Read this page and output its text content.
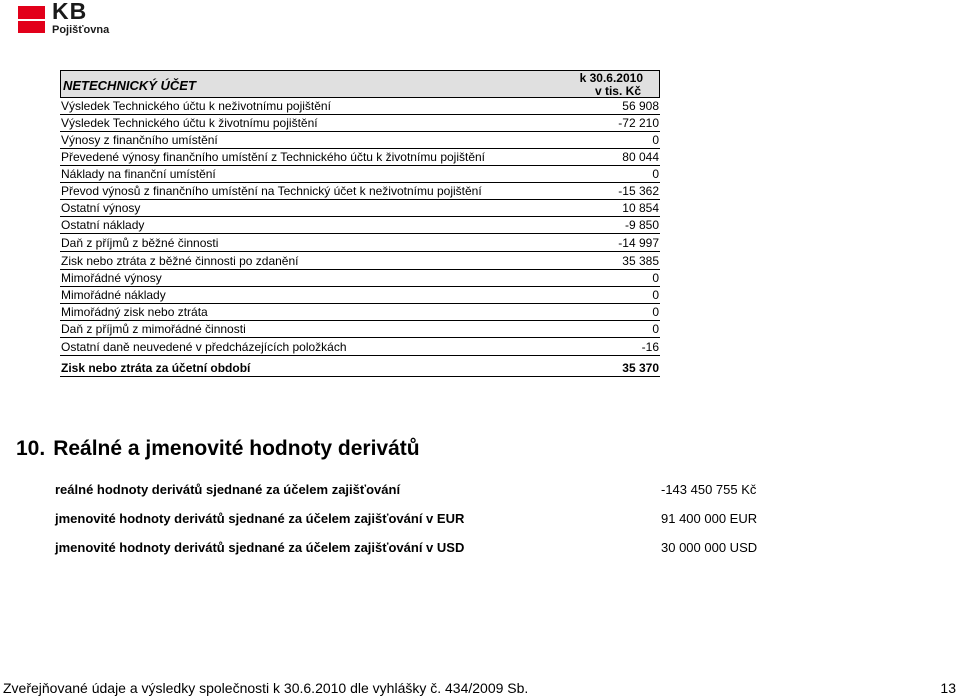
KB
Pojišťovna
NETECHNICKÝ ÚČET	k 30.6.2010
v tis. Kč
Výsledek Technického účtu k neživotnímu pojištění	56 908
Výsledek Technického účtu k životnímu pojištění	-72 210
Výnosy z finančního umístění	0
Převedené výnosy finančního umístění z Technického účtu k životnímu pojištění	80 044
Náklady na finanční umístění	0
Převod výnosů z finančního umístění na Technický účet k neživotnímu pojištění	-15 362
Ostatní výnosy	10 854
Ostatní náklady	-9 850
Daň z příjmů z běžné činnosti	-14 997
Zisk nebo ztráta z běžné činnosti po zdanění	35 385
Mimořádné výnosy	0
Mimořádné náklady	0
Mimořádný zisk nebo ztráta	0
Daň z příjmů z mimořádné činnosti	0
Ostatní daně neuvedené v předcházejících položkách	-16
Zisk nebo ztráta za účetní období	35 370
10. Reálné a jmenovité hodnoty derivátů
reálné hodnoty derivátů sjednané za účelem zajišťování	-143 450 755 Kč
jmenovité hodnoty derivátů sjednané za účelem zajišťování v EUR	91 400 000 EUR
jmenovité hodnoty derivátů sjednané za účelem zajišťování v USD	30 000 000 USD
Zveřejňované údaje a výsledky společnosti k 30.6.2010 dle vyhlášky č. 434/2009 Sb.	13
